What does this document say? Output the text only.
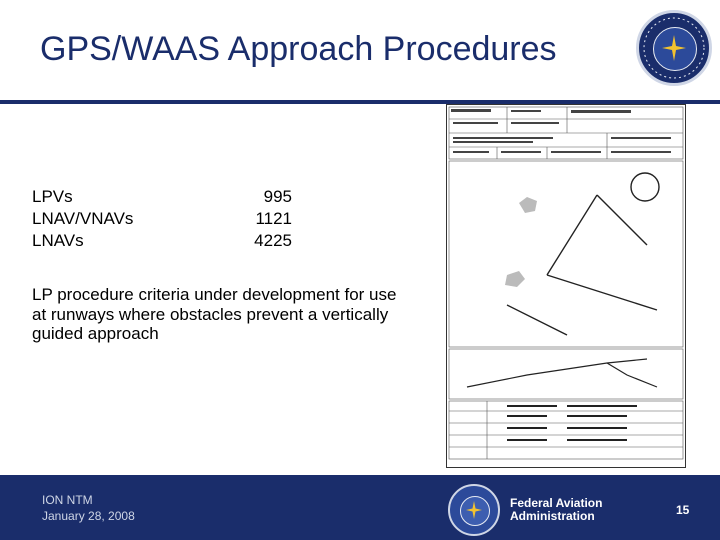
GPS/WAAS Approach Procedures
LPVs	995
LNAV/VNAVs	1121
LNAVs	4225
LP procedure criteria under development for use at runways where obstacles prevent a vertically guided approach
ION NTM
January 28, 2008
Federal Aviation
Administration	15
